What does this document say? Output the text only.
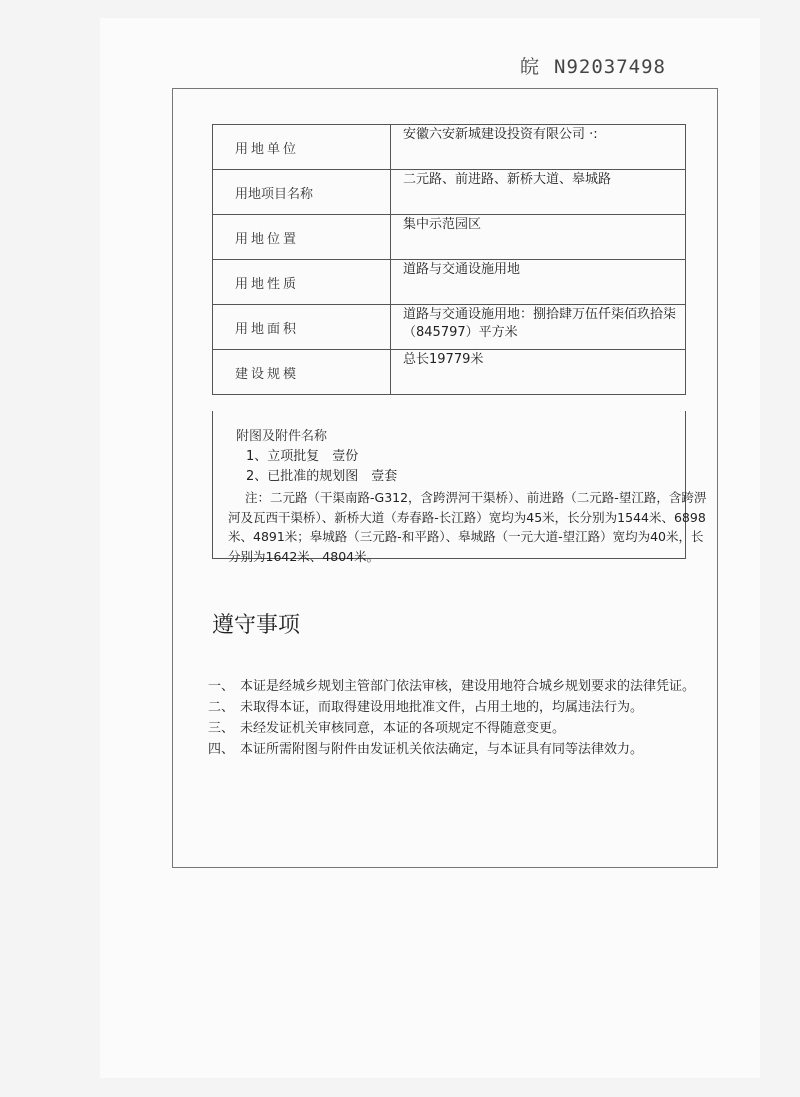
皖 N92037498
用地单位	安徽六安新城建设投资有限公司 ·:
用地项目名称	二元路、前进路、新桥大道、皋城路
用地位置	集中示范园区
用地性质	道路与交通设施用地
用地面积	道路与交通设施用地：捌拾肆万伍仟柒佰玖拾柒（845797）平方米
建设规模	总长19779米
附图及附件名称
1、立项批复　壹份
2、已批准的规划图　壹套
注：二元路（干渠南路-G312，含跨淠河干渠桥）、前进路（二元路-望江路，含跨淠河及瓦西干渠桥）、新桥大道（寿春路-长江路）宽均为45米，长分别为1544米、6898米、4891米；皋城路（三元路-和平路）、皋城路（一元大道-望江路）宽均为40米，长分别为1642米、4804米。
遵守事项
一、 本证是经城乡规划主管部门依法审核，建设用地符合城乡规划要求的法律凭证。
二、 未取得本证，而取得建设用地批准文件，占用土地的，均属违法行为。
三、 未经发证机关审核同意，本证的各项规定不得随意变更。
四、 本证所需附图与附件由发证机关依法确定，与本证具有同等法律效力。
